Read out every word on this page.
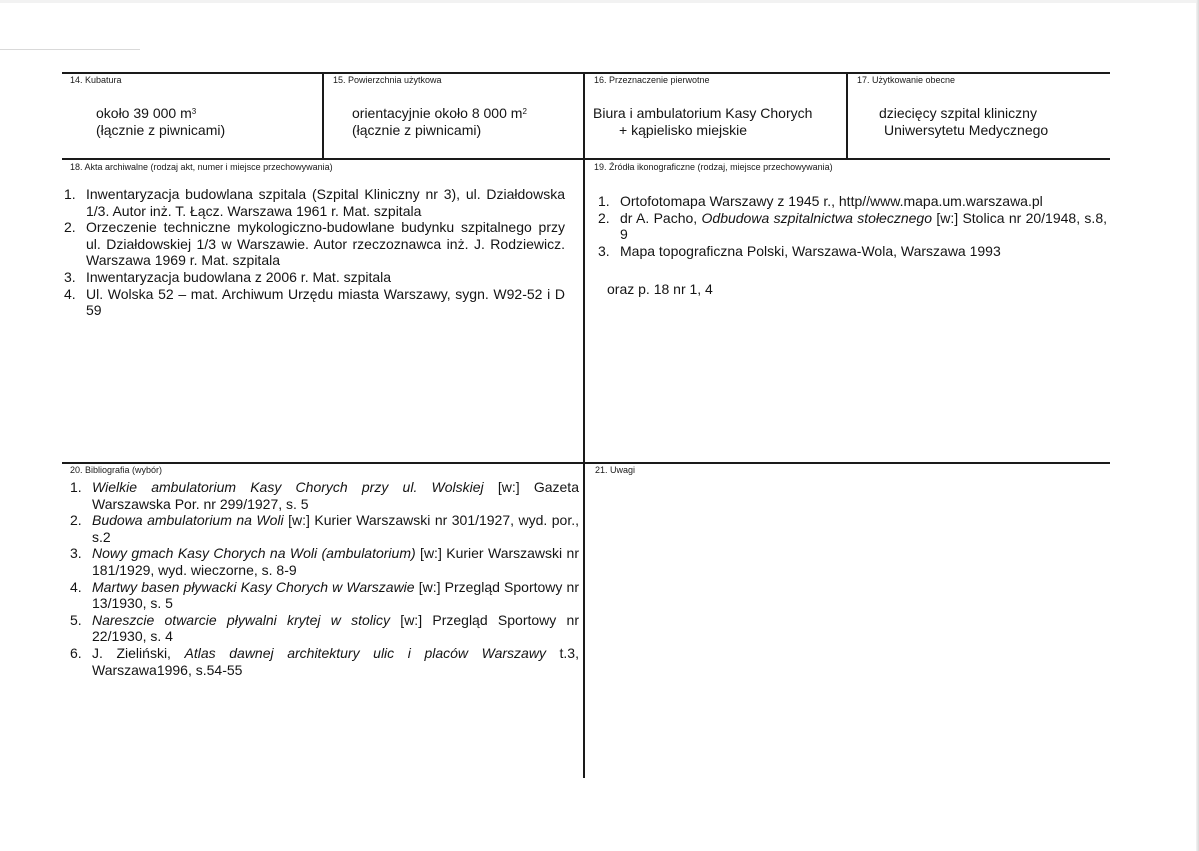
14. Kubatura
około 39 000 $m^3$
(łącznie z piwnicami)
15. Powierzchnia użytkowa
orientacyjnie około 8 000 $m^2$
(łącznie z piwnicami)
16. Przeznaczenie pierwotne
Biura i ambulatorium Kasy Chorych
+ kąpielisko miejskie
17. Użytkowanie obecne
dziecięcy szpital kliniczny
Uniwersytetu Medycznego
18. Akta archiwalne (rodzaj akt, numer i miejsce przechowywania)
1. Inwentaryzacja budowlana szpitala (Szpital Kliniczny nr 3), ul. Działdowska 1/3. Autor inż. T. Łącz. Warszawa 1961 r. Mat. szpitala
2. Orzeczenie techniczne mykologiczno-budowlane budynku szpitalnego przy ul. Działdowskiej 1/3 w Warszawie. Autor rzeczoznawca inż. J. Rodziewicz. Warszawa 1969 r. Mat. szpitala
3. Inwentaryzacja budowlana z 2006 r. Mat. szpitala
4. Ul. Wolska 52 – mat. Archiwum Urzędu miasta Warszawy, sygn. W92-52 i D 59
19. Źródła ikonograficzne (rodzaj, miejsce przechowywania)
1. Ortofotomapa Warszawy z 1945 r., http//www.mapa.um.warszawa.pl
2. dr A. Pacho, Odbudowa szpitalnictwa stołecznego [w:] Stolica nr 20/1948, s.8, 9
3. Mapa topograficzna Polski, Warszawa-Wola, Warszawa 1993
oraz p. 18 nr 1, 4
20. Bibliografia (wybór)
1. Wielkie ambulatorium Kasy Chorych przy ul. Wolskiej [w:] Gazeta Warszawska Por. nr 299/1927, s. 5
2. Budowa ambulatorium na Woli [w:] Kurier Warszawski nr 301/1927, wyd. por., s.2
3. Nowy gmach Kasy Chorych na Woli (ambulatorium) [w:] Kurier Warszawski nr 181/1929, wyd. wieczorne, s. 8-9
4. Martwy basen pływacki Kasy Chorych w Warszawie [w:] Przegląd Sportowy nr 13/1930, s. 5
5. Nareszcie otwarcie pływalni krytej w stolicy [w:] Przegląd Sportowy nr 22/1930, s. 4
6. J. Zieliński, Atlas dawnej architektury ulic i placów Warszawy t.3, Warszawa1996, s.54-55
21. Uwagi
